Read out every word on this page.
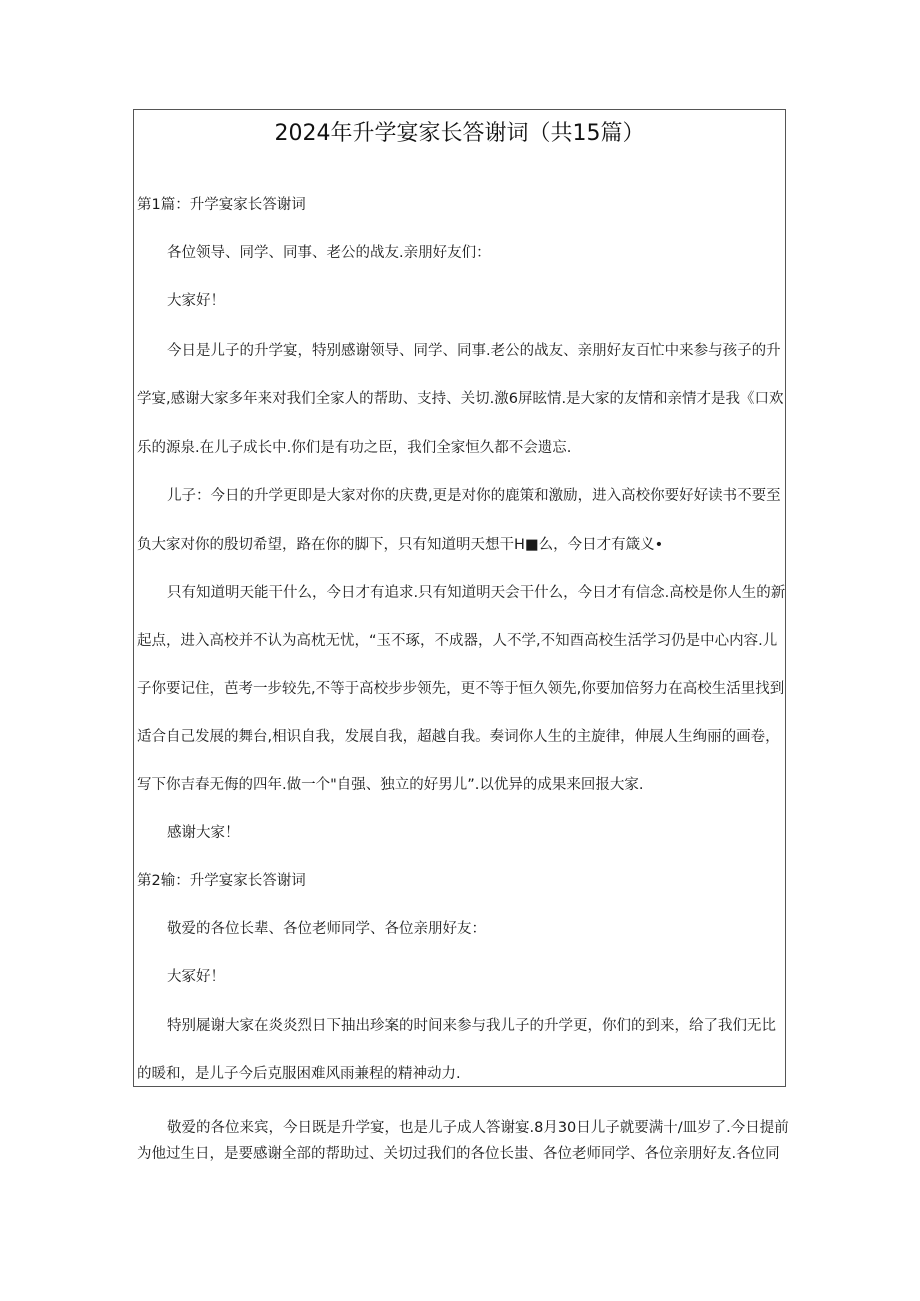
2024年升学宴家长答谢词（共15篇）
第1篇：升学宴家长答谢词
各位领导、同学、同事、老公的战友.亲朋好友们：
大家好！
今日是儿子的升学宴，特别感谢领导、同学、同事.老公的战友、亲朋好友百忙中来参与孩子的升
学宴,感谢大家多年来对我们全家人的帮助、支持、关切.激6屏眩情.是大家的友情和亲情才是我《口欢
乐的源泉.在儿子成长中.你们是有功之臣，我们全家恒久都不会遗忘.
儿子：今日的升学更即是大家对你的庆费,更是对你的鹿策和激励，进入高校你要好好读书不要至
负大家对你的殷切希望，路在你的脚下，只有知道明天想干H■么，今日才有箴义•
只有知道明天能干什么，今日才有追求.只有知道明天会干什么，今日才有信念.高校是你人生的新
起点，进入高校并不认为高枕无忧，“玉不琢，不成器，人不学,不知酉高校生活学习仍是中心内容.儿
子你要记住，芭考一步较先,不等于高校步步领先，更不等于恒久领先,你要加倍努力在高校生活里找到
适合自己发展的舞台,相识自我，发展自我，超越自我。奏词你人生的主旋律，伸展人生绚丽的画卷，
写下你吉春无侮的四年.做一个"自强、独立的好男儿”.以优异的成果来回报大家.
感谢大家！
第2输：升学宴家长答谢词
敬爱的各位长辈、各位老师同学、各位亲朋好友：
大冢好！
特别屣谢大家在炎炎烈日下抽出珍案的时间来参与我儿子的升学更，你们的到来，给了我们无比
的暖和，是儿子今后克服困难风雨兼程的精神动力.
敬爱的各位来宾，今日既是升学宴，也是儿子成人答谢宴.8月30日儿子就要满十/皿岁了.今日提前
为他过生日，是要感谢全部的帮助过、关切过我们的各位长蚩、各位老师同学、各位亲朋好友.各位同
